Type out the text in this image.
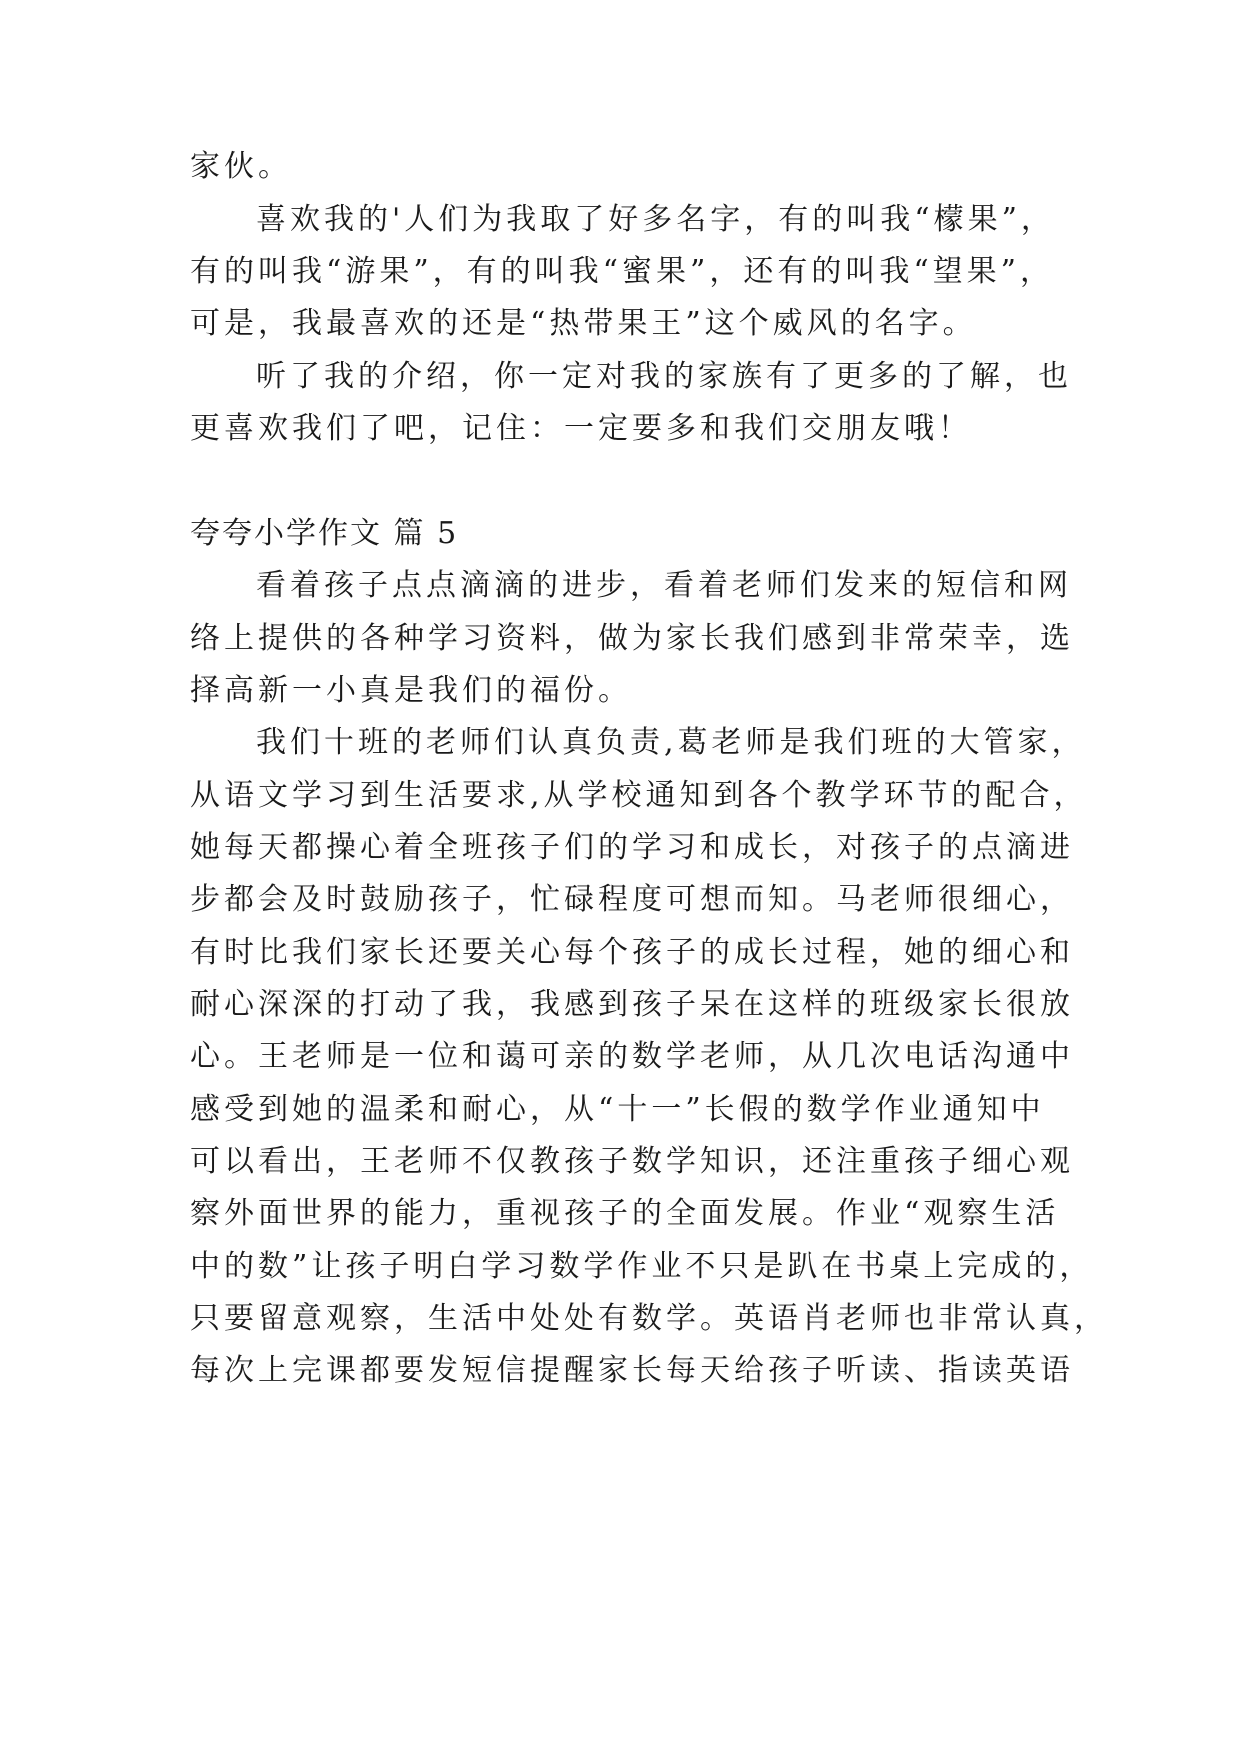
家伙。
喜欢我的'人们为我取了好多名字，有的叫我“檬果”，
有的叫我“游果”，有的叫我“蜜果”，还有的叫我“望果”，
可是，我最喜欢的还是“热带果王”这个威风的名字。
听了我的介绍，你一定对我的家族有了更多的了解，也
更喜欢我们了吧，记住：一定要多和我们交朋友哦！
夸夸小学作文 篇 5
看着孩子点点滴滴的进步，看着老师们发来的短信和网
络上提供的各种学习资料，做为家长我们感到非常荣幸，选
择高新一小真是我们的福份。
我们十班的老师们认真负责,葛老师是我们班的大管家，
从语文学习到生活要求,从学校通知到各个教学环节的配合，
她每天都操心着全班孩子们的学习和成长，对孩子的点滴进
步都会及时鼓励孩子，忙碌程度可想而知。马老师很细心，
有时比我们家长还要关心每个孩子的成长过程，她的细心和
耐心深深的打动了我，我感到孩子呆在这样的班级家长很放
心。王老师是一位和蔼可亲的数学老师，从几次电话沟通中
感受到她的温柔和耐心，从“十一”长假的数学作业通知中
可以看出，王老师不仅教孩子数学知识，还注重孩子细心观
察外面世界的能力，重视孩子的全面发展。作业“观察生活
中的数”让孩子明白学习数学作业不只是趴在书桌上完成的，
只要留意观察，生活中处处有数学。英语肖老师也非常认真，
每次上完课都要发短信提醒家长每天给孩子听读、指读英语
